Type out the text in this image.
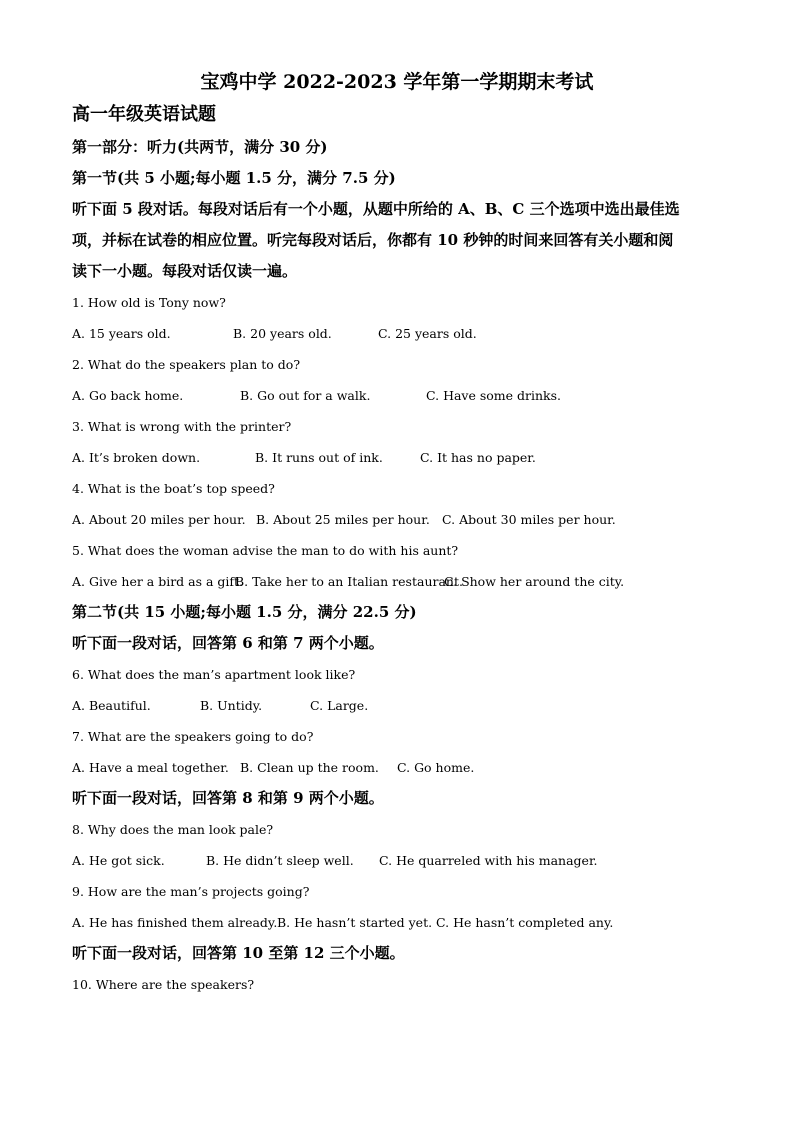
宝鸡中学 2022-2023 学年第一学期期末考试
高一年级英语试题
第一部分：听力(共两节，满分 30 分)
第一节(共 5 小题;每小题 1.5 分，满分 7.5 分)
听下面 5 段对话。每段对话后有一个小题，从题中所给的 A、B、C 三个选项中选出最佳选
项，并标在试卷的相应位置。听完每段对话后，你都有 10 秒钟的时间来回答有关小题和阅
读下一小题。每段对话仅读一遍。
1. How old is Tony now?
A. 15 years old.	B. 20 years old.	C. 25 years old.
2. What do the speakers plan to do?
A. Go back home.	B. Go out for a walk.	C. Have some drinks.
3. What is wrong with the printer?
A. It’s broken down.	B. It runs out of ink.	C. It has no paper.
4. What is the boat’s top speed?
A. About 20 miles per hour. B. About 25 miles per hour. C. About 30 miles per hour.
5. What does the woman advise the man to do with his aunt?
A. Give her a bird as a gift.
B. Take her to an Italian restaurant.
C. Show her around the city.
第二节(共 15 小题;每小题 1.5 分，满分 22.5 分)
听下面一段对话，回答第 6 和第 7 两个小题。
6. What does the man’s apartment look like?
A. Beautiful.	B. Untidy.	C. Large.
7. What are the speakers going to do?
A. Have a meal together. B. Clean up the room.	C. Go home.
听下面一段对话，回答第 8 和第 9 两个小题。
8. Why does the man look pale?
A. He got sick.	B. He didn’t sleep well.	C. He quarreled with his manager.
9. How are the man’s projects going?
A. He has finished them already. B. He hasn’t started yet. C. He hasn’t completed any.
听下面一段对话，回答第 10 至第 12 三个小题。
10. Where are the speakers?
